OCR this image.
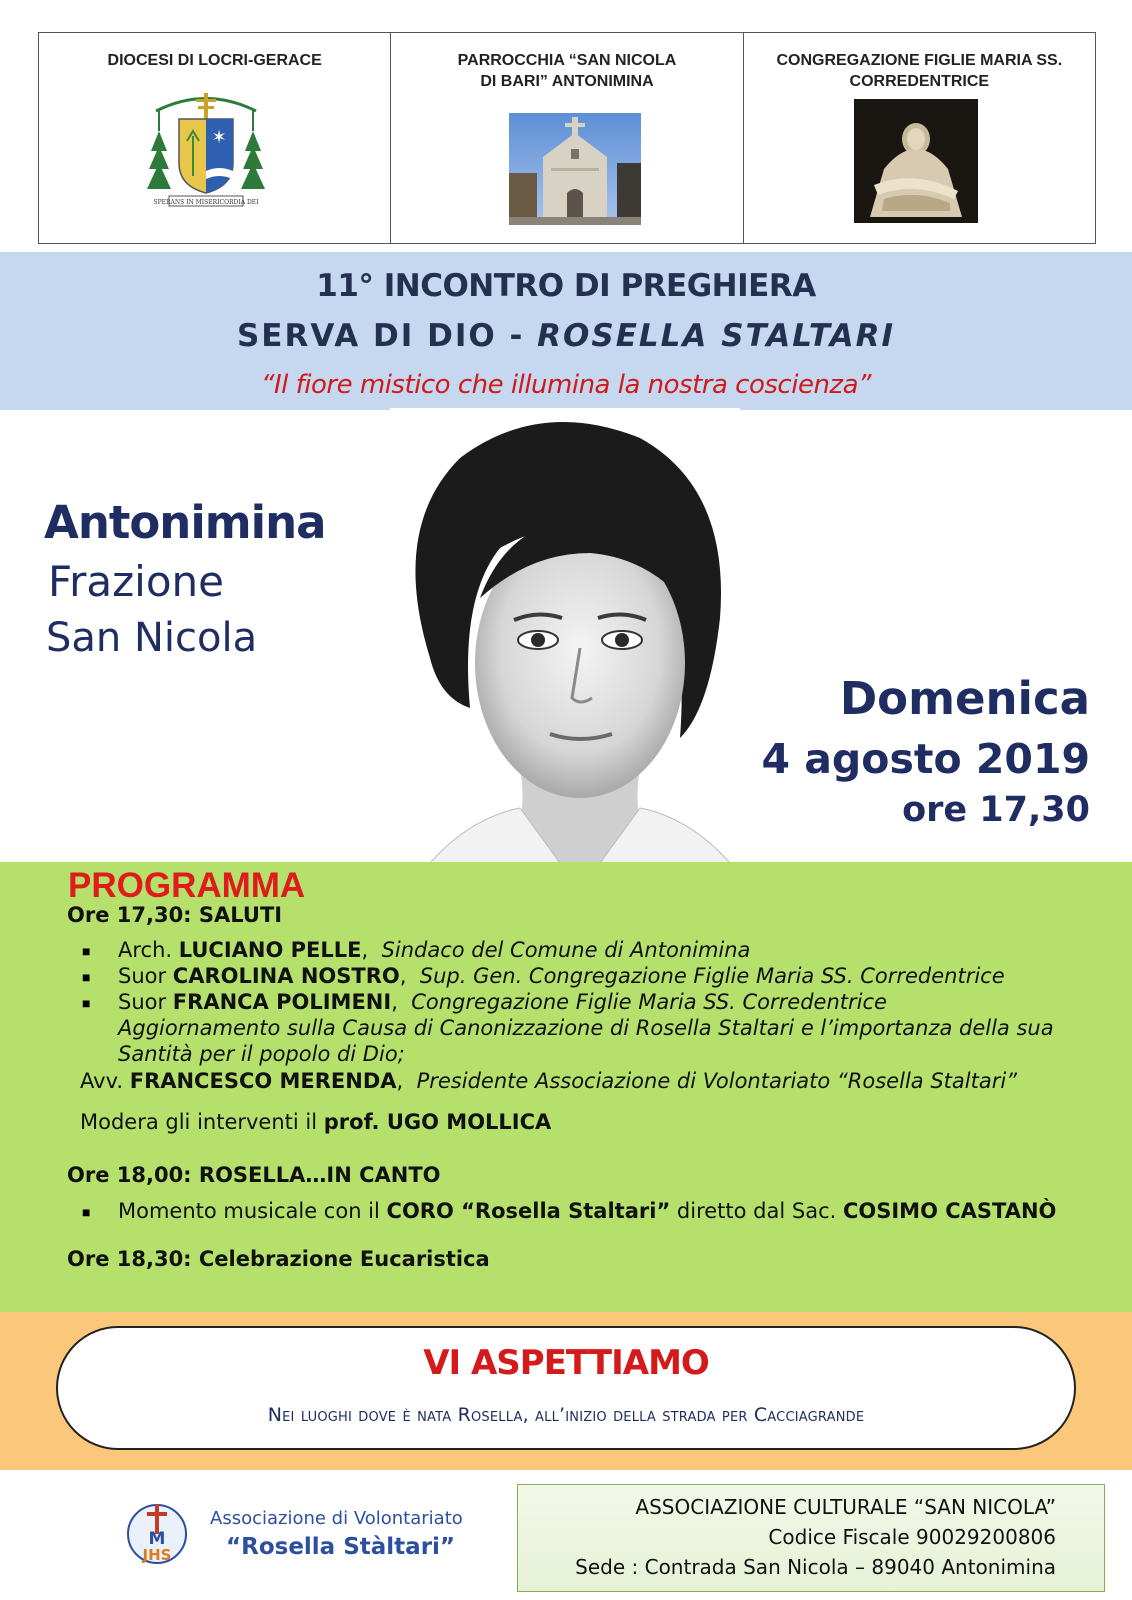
DIOCESI DI LOCRI-GERACE
✶
SPERANS IN MISERICORDIA DEI
PARROCCHIA “SAN NICOLA
DI BARI” ANTONIMINA
CONGREGAZIONE FIGLIE MARIA SS.
CORREDENTRICE
11° INCONTRO DI PREGHIERA
SERVA DI DIO - ROSELLA STALTARI
“Il fiore mistico che illumina la nostra coscienza”
Antonimina
Frazione
San Nicola
Domenica
4 agosto 2019
ore 17,30
PROGRAMMA
Ore 17,30: SALUTI
■ Arch. LUCIANO PELLE,  Sindaco del Comune di Antonimina
■ Suor CAROLINA NOSTRO,  Sup. Gen. Congregazione Figlie Maria SS. Corredentrice
■ Suor FRANCA POLIMENI,  Congregazione Figlie Maria SS. Corredentrice
Aggiornamento sulla Causa di Canonizzazione di Rosella Staltari e l’importanza della sua
Santità per il popolo di Dio;
Avv. FRANCESCO MERENDA,  Presidente Associazione di Volontariato “Rosella Staltari”
Modera gli interventi il prof. UGO MOLLICA
Ore 18,00: ROSELLA…IN CANTO
■ Momento musicale con il CORO “Rosella Staltari” diretto dal Sac. COSIMO CASTANÒ
Ore 18,30: Celebrazione Eucaristica
VI ASPETTIAMO
Nei luoghi dove è nata Rosella, all’inizio della strada per Cacciagrande
M
JHS
Associazione di Volontariato
“Rosella Stàltari”
ASSOCIAZIONE CULTURALE “SAN NICOLA”
Codice Fiscale 90029200806
Sede : Contrada San Nicola – 89040 Antonimina
